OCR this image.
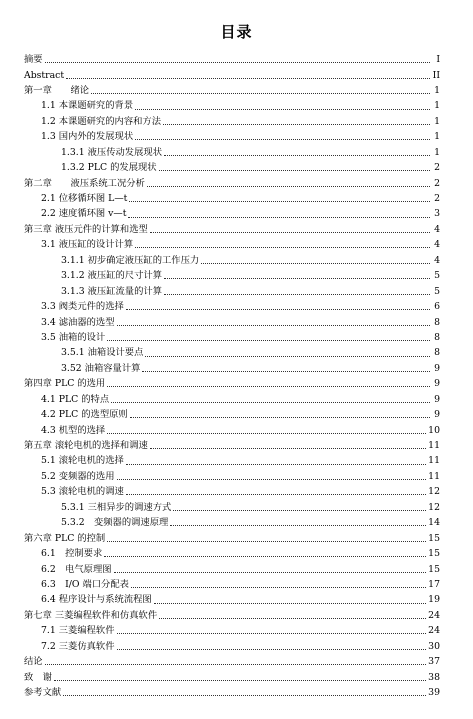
目录
摘要	I
Abstract	II
第一章　　绪论	1
1.1 本课题研究的背景	1
1.2 本课题研究的内容和方法	1
1.3 国内外的发展现状	1
1.3.1 液压传动发展现状	1
1.3.2 PLC 的发展现状	2
第二章　　液压系统工况分析	2
2.1 位移循环图 L—t	2
2.2 速度循环图 v—t	3
第三章 液压元件的计算和选型	4
3.1 液压缸的设计计算	4
3.1.1 初步确定液压缸的工作压力	4
3.1.2 液压缸的尺寸计算	5
3.1.3 液压缸流量的计算	5
3.3 阀类元件的选择	6
3.4 滤油器的选型	8
3.5 油箱的设计	8
3.5.1 油箱设计要点	8
3.52 油箱容量计算	9
第四章 PLC 的选用	9
4.1 PLC 的特点	9
4.2 PLC 的选型原则	9
4.3 机型的选择	10
第五章 滚轮电机的选择和调速	11
5.1 滚轮电机的选择	11
5.2 变频器的选用	11
5.3 滚轮电机的调速	12
5.3.1 三相异步的调速方式	12
5.3.2　变频器的调速原理	14
第六章 PLC 的控制	15
6.1　控制要求	15
6.2　电气原理图	15
6.3　I/O 端口分配表	17
6.4 程序设计与系统流程图	19
第七章 三菱编程软件和仿真软件	24
7.1 三菱编程软件	24
7.2 三菱仿真软件	30
结论	37
致　谢	38
参考文献	39
